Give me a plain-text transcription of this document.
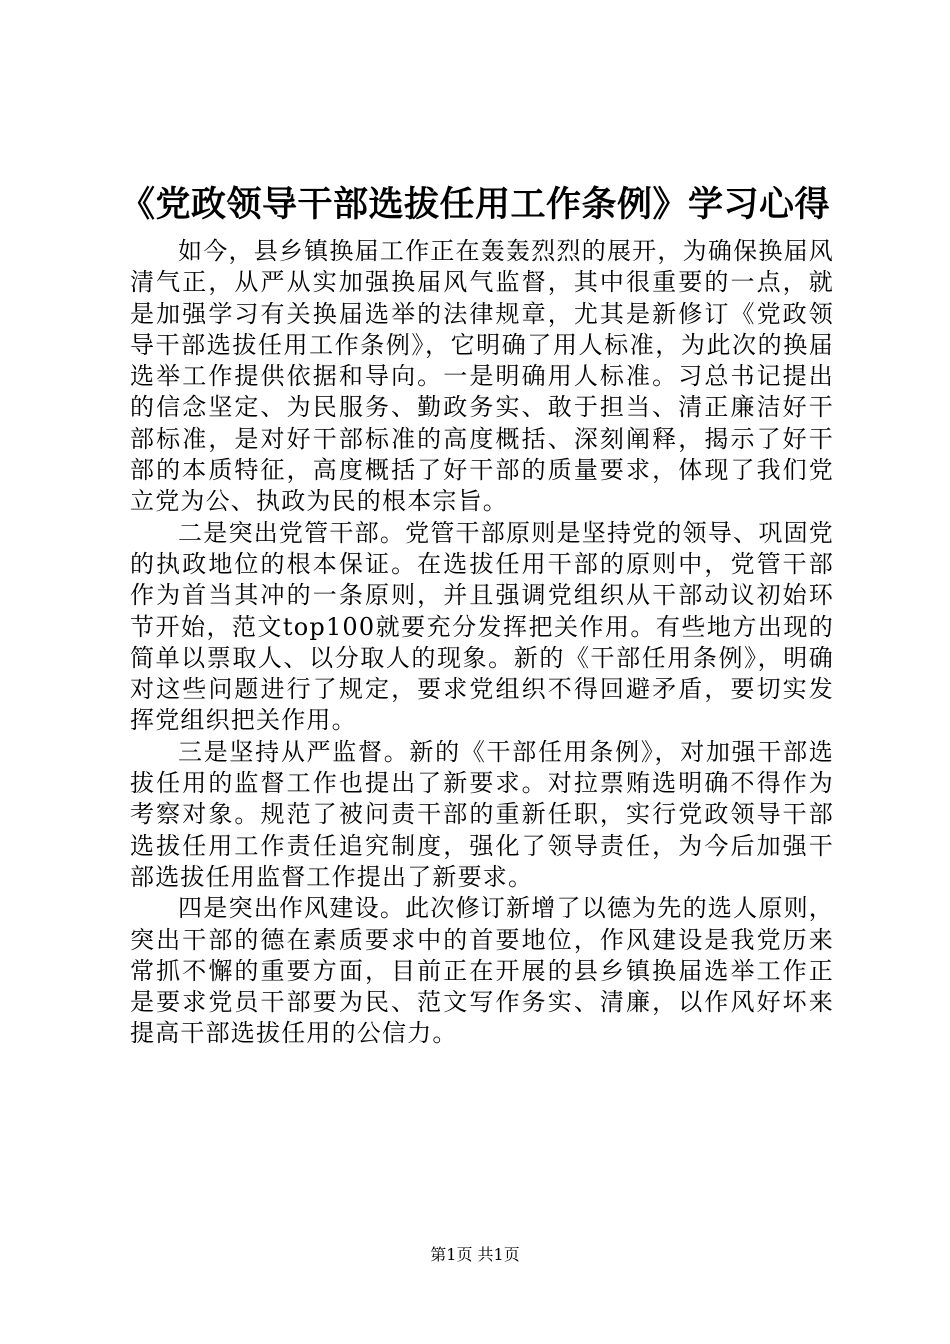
《党政领导干部选拔任用工作条例》学习心得

如今，县乡镇换届工作正在轰轰烈烈的展开，为确保换届风清气正，从严从实加强换届风气监督，其中很重要的一点，就是加强学习有关换届选举的法律规章，尤其是新修订《党政领导干部选拔任用工作条例》，它明确了用人标准，为此次的换届选举工作提供依据和导向。一是明确用人标准。习总书记提出的信念坚定、为民服务、勤政务实、敢于担当、清正廉洁好干部标准，是对好干部标准的高度概括、深刻阐释，揭示了好干部的本质特征，高度概括了好干部的质量要求，体现了我们党立党为公、执政为民的根本宗旨。

二是突出党管干部。党管干部原则是坚持党的领导、巩固党的执政地位的根本保证。在选拔任用干部的原则中，党管干部作为首当其冲的一条原则，并且强调党组织从干部动议初始环节开始，范文top100就要充分发挥把关作用。有些地方出现的简单以票取人、以分取人的现象。新的《干部任用条例》，明确对这些问题进行了规定，要求党组织不得回避矛盾，要切实发挥党组织把关作用。

三是坚持从严监督。新的《干部任用条例》，对加强干部选拔任用的监督工作也提出了新要求。对拉票贿选明确不得作为考察对象。规范了被问责干部的重新任职，实行党政领导干部选拔任用工作责任追究制度，强化了领导责任，为今后加强干部选拔任用监督工作提出了新要求。

四是突出作风建设。此次修订新增了以德为先的选人原则，突出干部的德在素质要求中的首要地位，作风建设是我党历来常抓不懈的重要方面，目前正在开展的县乡镇换届选举工作正是要求党员干部要为民、范文写作务实、清廉，以作风好坏来提高干部选拔任用的公信力。

第1页 共1页
